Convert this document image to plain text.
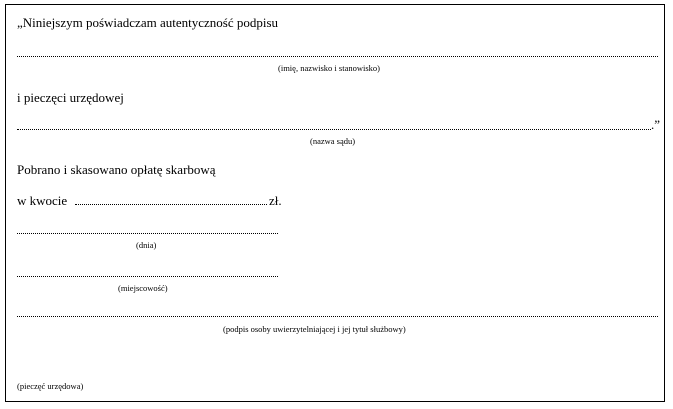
„Niniejszym poświadczam autentyczność podpisu
(imię, nazwisko i stanowisko)
i pieczęci urzędowej
.”
(nazwa sądu)
Pobrano i skasowano opłatę skarbową
w kwocie	zł.
(dnia)
(miejscowość)
(podpis osoby uwierzytelniającej i jej tytuł służbowy)
(pieczęć urzędowa)
